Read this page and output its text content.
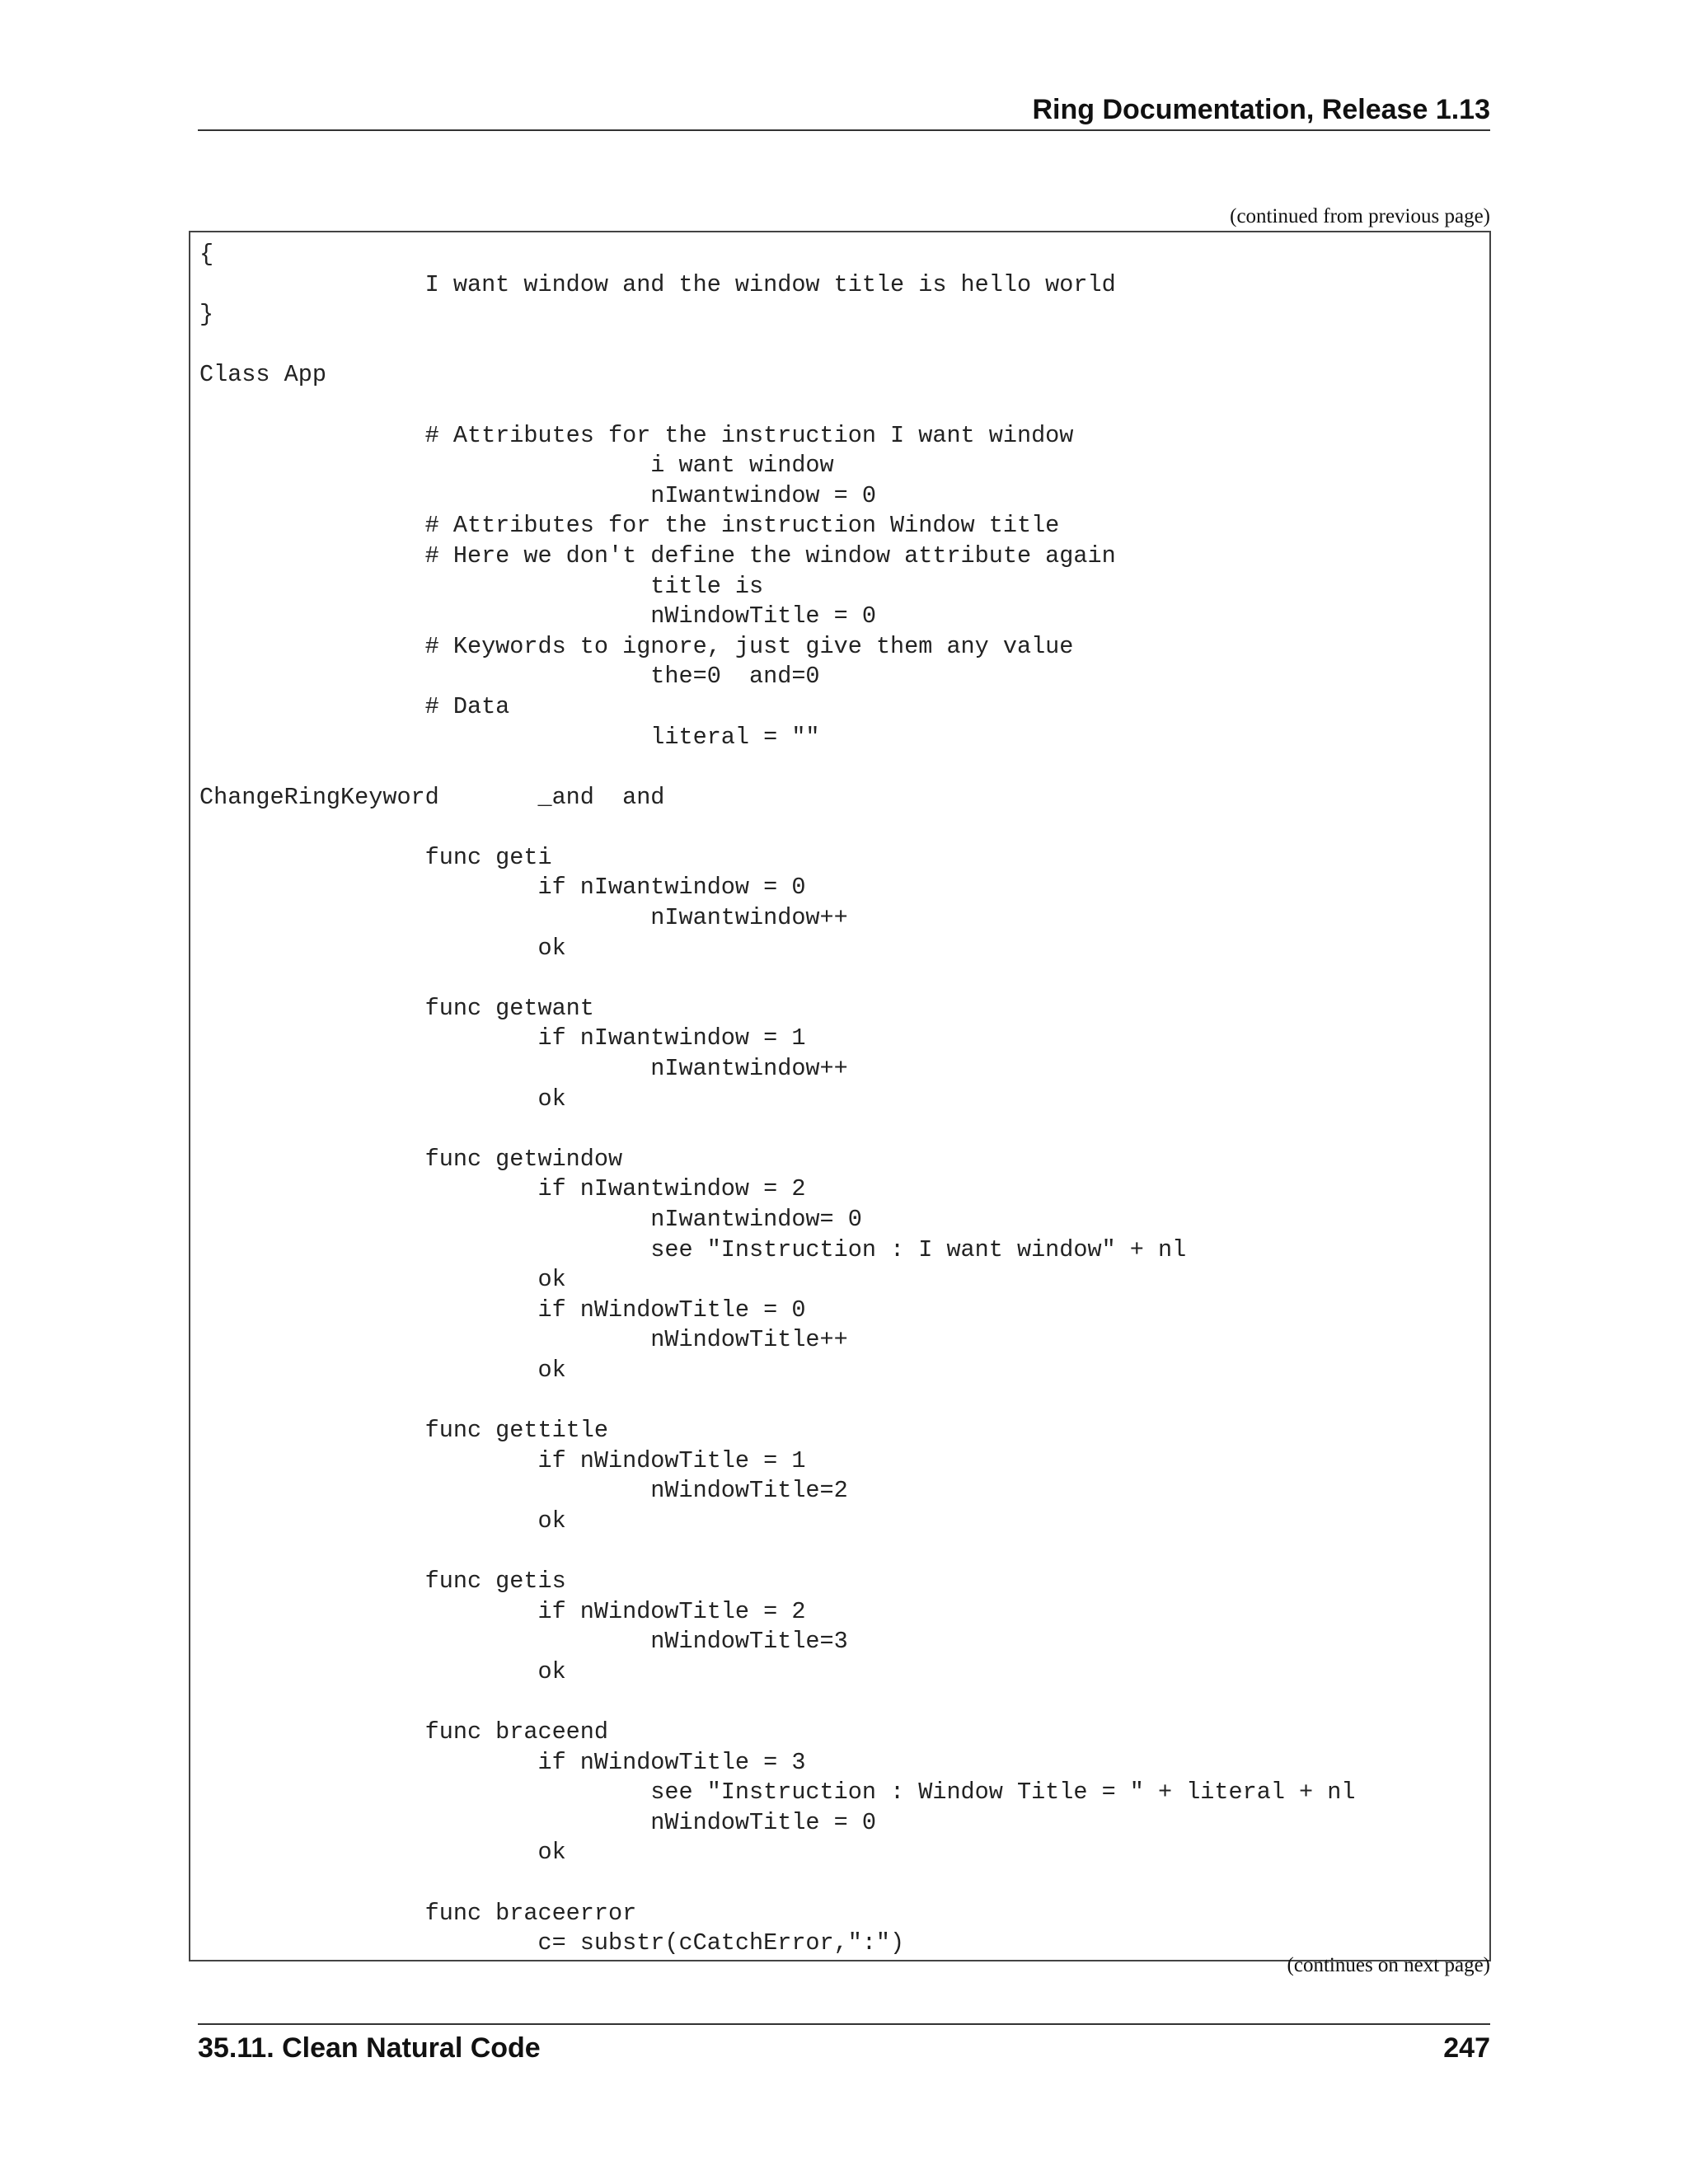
Ring Documentation, Release 1.13
(continued from previous page)
{
		I want window and the window title is hello world
}
Class App
		# Attributes for the instruction I want window
				i want window
				nIwantwindow = 0
		# Attributes for the instruction Window title
		# Here we don't define the window attribute again
				title is
				nWindowTitle = 0
		# Keywords to ignore, just give them any value
				the=0  and=0
		# Data
				literal = ""
ChangeRingKeyword	_and  and
		func geti
			if nIwantwindow = 0
				nIwantwindow++
			ok
		func getwant
			if nIwantwindow = 1
				nIwantwindow++
			ok
		func getwindow
			if nIwantwindow = 2
				nIwantwindow= 0
				see "Instruction : I want window" + nl
			ok
			if nWindowTitle = 0
				nWindowTitle++
			ok
		func gettitle
			if nWindowTitle = 1
				nWindowTitle=2
			ok
		func getis
			if nWindowTitle = 2
				nWindowTitle=3
			ok
		func braceend
			if nWindowTitle = 3
				see "Instruction : Window Title = " + literal + nl
				nWindowTitle = 0
			ok
		func braceerror
			c= substr(cCatchError,":")
(continues on next page)
35.11. Clean Natural Code	247
